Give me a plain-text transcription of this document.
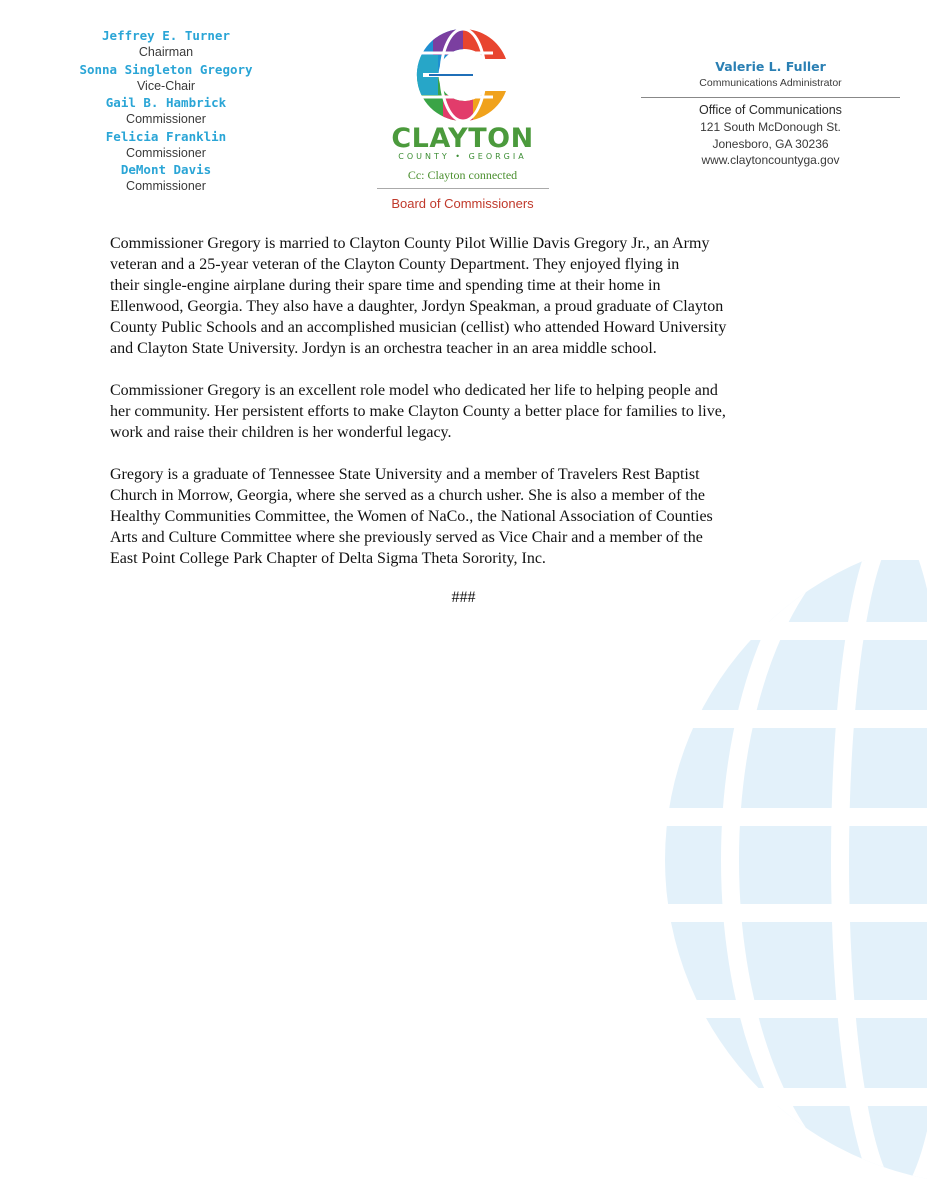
Jeffrey E. Turner
Chairman
Sonna Singleton Gregory
Vice-Chair
Gail B. Hambrick
Commissioner
Felicia Franklin
Commissioner
DeMont Davis
Commissioner
CLAYTON
COUNTY • GEORGIA
Cc: Clayton connected
Board of Commissioners
Valerie L. Fuller
Communications Administrator
Office of Communications
121 South McDonough St.
Jonesboro, GA 30236
www.claytoncountyga.gov

Commissioner Gregory is married to Clayton County Pilot Willie Davis Gregory Jr., an Army
veteran and a 25-year veteran of the Clayton County Department. They enjoyed flying in
their single-engine airplane during their spare time and spending time at their home in
Ellenwood, Georgia. They also have a daughter, Jordyn Speakman, a proud graduate of Clayton
County Public Schools and an accomplished musician (cellist) who attended Howard University
and Clayton State University. Jordyn is an orchestra teacher in an area middle school.

Commissioner Gregory is an excellent role model who dedicated her life to helping people and
her community. Her persistent efforts to make Clayton County a better place for families to live,
work and raise their children is her wonderful legacy.

Gregory is a graduate of Tennessee State University and a member of Travelers Rest Baptist
Church in Morrow, Georgia, where she served as a church usher. She is also a member of the
Healthy Communities Committee, the Women of NaCo., the National Association of Counties
Arts and Culture Committee where she previously served as Vice Chair and a member of the
East Point College Park Chapter of Delta Sigma Theta Sorority, Inc.

###
